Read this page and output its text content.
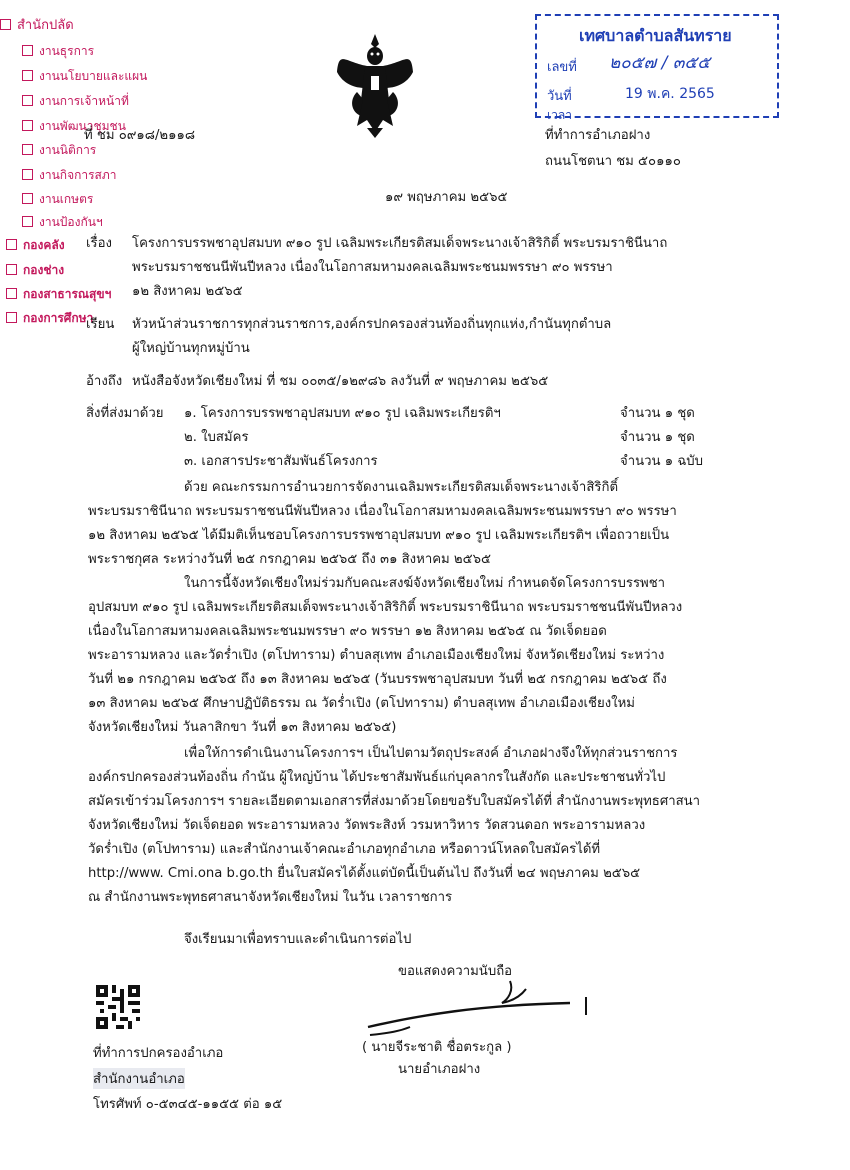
สำนักปลัด
งานธุรการ
งานนโยบายและแผน
งานการเจ้าหน้าที่
งานพัฒนาชุมชน
งานนิติการ
งานกิจการสภา
งานเกษตร
งานป้องกันฯ
กองคลัง
กองช่าง
กองสาธารณสุขฯ
กองการศึกษา
เทศบาลตำบลสันทราย
เลขที่ ๒๐๕๗ / ๓๕๕
วันที่	19 พ.ค. 2565
เวลา
ที่ ชม ๐๙๑๘/๒๑๑๘	ที่ทำการอำเภอฝาง
ถนนโชตนา ชม ๕๐๑๑๐
๑๙ พฤษภาคม ๒๕๖๕
เรื่อง โครงการบรรพชาอุปสมบท ๙๑๐ รูป เฉลิมพระเกียรติสมเด็จพระนางเจ้าสิริกิติ์ พระบรมราชินีนาถ
พระบรมราชชนนีพันปีหลวง เนื่องในโอกาสมหามงคลเฉลิมพระชนมพรรษา ๙๐ พรรษา
๑๒ สิงหาคม ๒๕๖๕
เรียน หัวหน้าส่วนราชการทุกส่วนราชการ,องค์กรปกครองส่วนท้องถิ่นทุกแห่ง,กำนันทุกตำบล
ผู้ใหญ่บ้านทุกหมู่บ้าน
อ้างถึง หนังสือจังหวัดเชียงใหม่ ที่ ชม ๐๐๓๕/๑๒๙๘๖ ลงวันที่ ๙ พฤษภาคม ๒๕๖๕
สิ่งที่ส่งมาด้วย ๑. โครงการบรรพชาอุปสมบท ๙๑๐ รูป เฉลิมพระเกียรติฯ	จำนวน ๑ ชุด
๒. ใบสมัคร	จำนวน ๑ ชุด
๓. เอกสารประชาสัมพันธ์โครงการ	จำนวน ๑ ฉบับ
ด้วย คณะกรรมการอำนวยการจัดงานเฉลิมพระเกียรติสมเด็จพระนางเจ้าสิริกิติ์
พระบรมราชินีนาถ พระบรมราชชนนีพันปีหลวง เนื่องในโอกาสมหามงคลเฉลิมพระชนมพรรษา ๙๐ พรรษา
๑๒ สิงหาคม ๒๕๖๕ ได้มีมติเห็นชอบโครงการบรรพชาอุปสมบท ๙๑๐ รูป เฉลิมพระเกียรติฯ เพื่อถวายเป็น
พระราชกุศล ระหว่างวันที่ ๒๕ กรกฎาคม ๒๕๖๕ ถึง ๓๑ สิงหาคม ๒๕๖๕
ในการนี้จังหวัดเชียงใหม่ร่วมกับคณะสงฆ์จังหวัดเชียงใหม่ กำหนดจัดโครงการบรรพชา
อุปสมบท ๙๑๐ รูป เฉลิมพระเกียรติสมเด็จพระนางเจ้าสิริกิติ์ พระบรมราชินีนาถ พระบรมราชชนนีพันปีหลวง
เนื่องในโอกาสมหามงคลเฉลิมพระชนมพรรษา ๙๐ พรรษา ๑๒ สิงหาคม ๒๕๖๕ ณ วัดเจ็ดยอด
พระอารามหลวง และวัดร่ำเปิง (ตโปทาราม) ตำบลสุเทพ อำเภอเมืองเชียงใหม่ จังหวัดเชียงใหม่ ระหว่าง
วันที่ ๒๑ กรกฎาคม ๒๕๖๕ ถึง ๑๓ สิงหาคม ๒๕๖๕ (วันบรรพชาอุปสมบท วันที่ ๒๕ กรกฎาคม ๒๕๖๕ ถึง
๑๓ สิงหาคม ๒๕๖๕ ศึกษาปฏิบัติธรรม ณ วัดร่ำเปิง (ตโปทาราม) ตำบลสุเทพ อำเภอเมืองเชียงใหม่
จังหวัดเชียงใหม่ วันลาสิกขา วันที่ ๑๓ สิงหาคม ๒๕๖๕)
เพื่อให้การดำเนินงานโครงการฯ เป็นไปตามวัตถุประสงค์ อำเภอฝางจึงให้ทุกส่วนราชการ
องค์กรปกครองส่วนท้องถิ่น กำนัน ผู้ใหญ่บ้าน ได้ประชาสัมพันธ์แก่บุคลากรในสังกัด และประชาชนทั่วไป
สมัครเข้าร่วมโครงการฯ รายละเอียดตามเอกสารที่ส่งมาด้วยโดยขอรับใบสมัครได้ที่ สำนักงานพระพุทธศาสนา
จังหวัดเชียงใหม่ วัดเจ็ดยอด พระอารามหลวง วัดพระสิงห์ วรมหาวิหาร วัดสวนดอก พระอารามหลวง
วัดร่ำเปิง (ตโปทาราม) และสำนักงานเจ้าคณะอำเภอทุกอำเภอ หรือดาวน์โหลดใบสมัครได้ที่
http://www. Cmi.ona b.go.th ยื่นใบสมัครได้ตั้งแต่บัดนี้เป็นต้นไป ถึงวันที่ ๒๔ พฤษภาคม ๒๕๖๕
ณ สำนักงานพระพุทธศาสนาจังหวัดเชียงใหม่ ในวัน เวลาราชการ
จึงเรียนมาเพื่อทราบและดำเนินการต่อไป
ขอแสดงความนับถือ
( นายจีระชาติ ชื่อตระกูล )
นายอำเภอฝาง
ที่ทำการปกครองอำเภอ
สำนักงานอำเภอ
โทรศัพท์ ๐-๕๓๔๕-๑๑๕๕ ต่อ ๑๕
